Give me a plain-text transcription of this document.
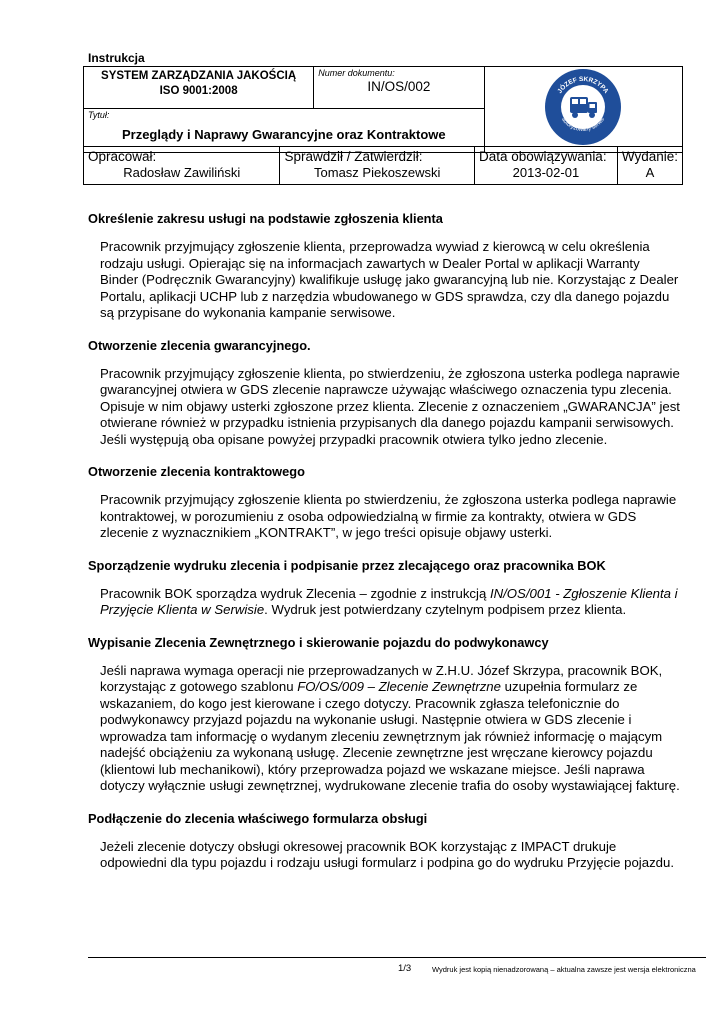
Instrukcja
SYSTEM ZARZĄDZANIA JAKOŚCIĄ
ISO 9001:2008

Numer dokumentu:
IN/OS/002	JÓZEF SKRZYPA
autoryzowany serwis

Tytuł:
Przeglądy i Naprawy Gwarancyjne oraz Kontraktowe
Opracował:
Radosław Zawiliński

Sprawdził / Zatwierdził:
Tomasz Piekoszewski

Data obowiązywania:
2013-02-01

Wydanie:
A
Określenie zakresu usługi na podstawie zgłoszenia klienta

Pracownik przyjmujący zgłoszenie klienta, przeprowadza wywiad z kierowcą w celu określenia
rodzaju usługi. Opierając się na informacjach zawartych w Dealer Portal w aplikacji Warranty
Binder (Podręcznik Gwarancyjny) kwalifikuje usługę jako gwarancyjną lub nie. Korzystając z Dealer
Portalu, aplikacji UCHP lub z narzędzia wbudowanego w GDS sprawdza, czy dla danego pojazdu
są przypisane do wykonania kampanie serwisowe.

Otworzenie zlecenia gwarancyjnego.

Pracownik przyjmujący zgłoszenie klienta, po stwierdzeniu, że zgłoszona usterka podlega naprawie
gwarancyjnej otwiera w GDS zlecenie naprawcze używając właściwego oznaczenia typu zlecenia.
Opisuje w nim objawy usterki zgłoszone przez klienta. Zlecenie z oznaczeniem „GWARANCJA” jest
otwierane również w przypadku istnienia przypisanych dla danego pojazdu kampanii serwisowych.
Jeśli występują oba opisane powyżej przypadki pracownik otwiera tylko jedno zlecenie.

Otworzenie zlecenia kontraktowego

Pracownik przyjmujący zgłoszenie klienta po stwierdzeniu, że zgłoszona usterka podlega naprawie
kontraktowej, w porozumieniu z osoba odpowiedzialną w firmie za kontrakty, otwiera w GDS
zlecenie z wyznacznikiem „KONTRAKT”, w jego treści opisuje objawy usterki.

Sporządzenie wydruku zlecenia i podpisanie przez zlecającego oraz pracownika BOK

Pracownik BOK sporządza wydruk Zlecenia – zgodnie z instrukcją IN/OS/001 - Zgłoszenie Klienta i
Przyjęcie Klienta w Serwisie. Wydruk jest potwierdzany czytelnym podpisem przez klienta.

Wypisanie Zlecenia Zewnętrznego i skierowanie pojazdu do podwykonawcy

Jeśli naprawa wymaga operacji nie przeprowadzanych w Z.H.U. Józef Skrzypa, pracownik BOK,
korzystając z gotowego szablonu FO/OS/009 – Zlecenie Zewnętrzne uzupełnia formularz ze
wskazaniem, do kogo jest kierowane i czego dotyczy. Pracownik zgłasza telefonicznie do
podwykonawcy przyjazd pojazdu na wykonanie usługi. Następnie otwiera w GDS zlecenie i
wprowadza tam informację o wydanym zleceniu zewnętrznym jak również informację o mającym
nadejść obciążeniu za wykonaną usługę. Zlecenie zewnętrzne jest wręczane kierowcy pojazdu
(klientowi lub mechanikowi), który przeprowadza pojazd we wskazane miejsce. Jeśli naprawa
dotyczy wyłącznie usługi zewnętrznej, wydrukowane zlecenie trafia do osoby wystawiającej fakturę.

Podłączenie do zlecenia właściwego formularza obsługi

Jeżeli zlecenie dotyczy obsługi okresowej pracownik BOK korzystając z IMPACT drukuje
odpowiedni dla typu pojazdu i rodzaju usługi formularz i podpina go do wydruku Przyjęcie pojazdu.

1/3	Wydruk jest kopią nienadzorowaną – aktualna zawsze jest wersja elektroniczna
